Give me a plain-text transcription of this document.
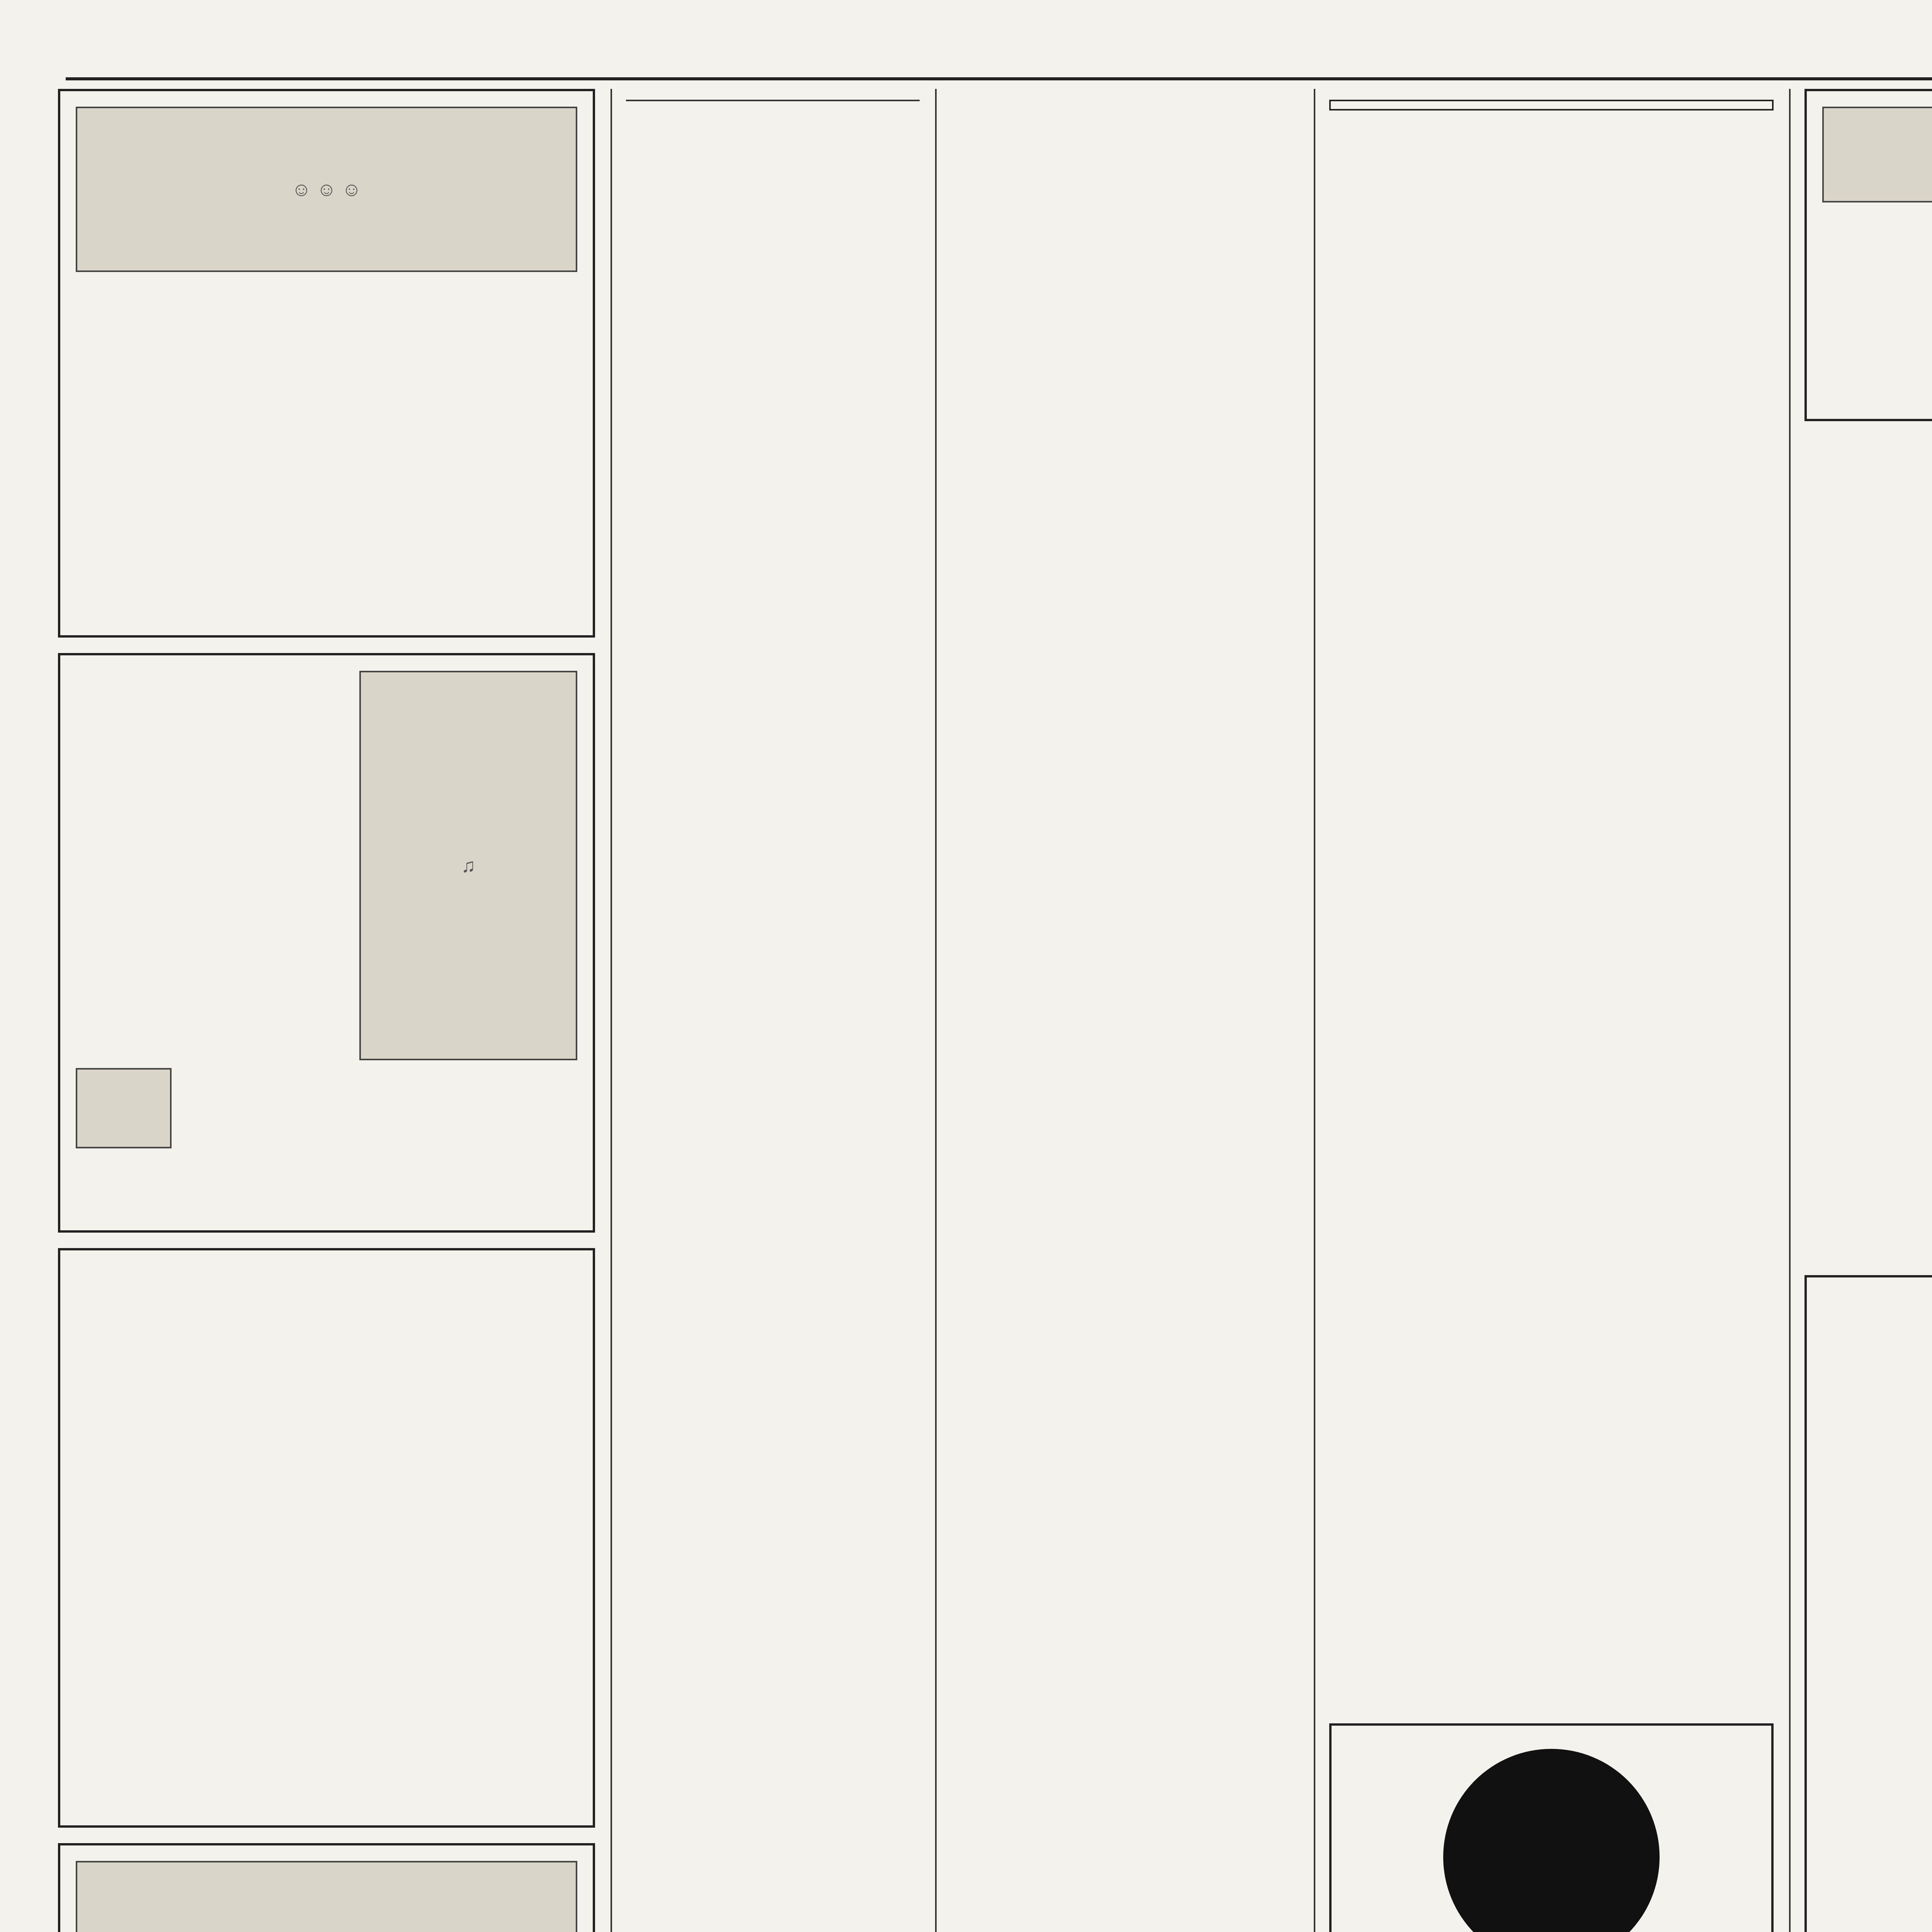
☺ ☺ ☺
♫
